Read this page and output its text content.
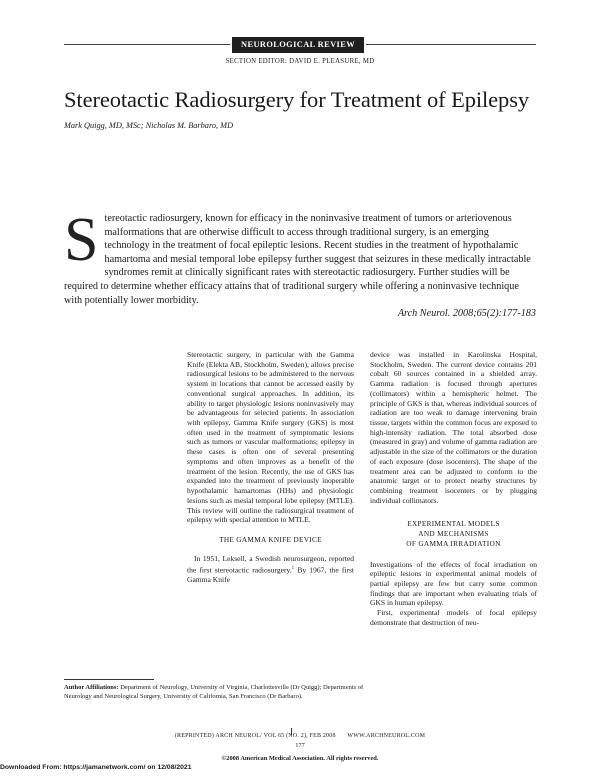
NEUROLOGICAL REVIEW
SECTION EDITOR: DAVID E. PLEASURE, MD
Stereotactic Radiosurgery for Treatment of Epilepsy
Mark Quigg, MD, MSc; Nicholas M. Barbaro, MD
S tereotactic radiosurgery, known for efficacy in the noninvasive treatment of tumors or arteriovenous malformations that are otherwise difficult to access through traditional surgery, is an emerging technology in the treatment of focal epileptic lesions. Recent studies in the treatment of hypothalamic hamartoma and mesial temporal lobe epilepsy further suggest that seizures in these medically intractable syndromes remit at clinically significant rates with stereotactic radiosurgery. Further studies will be required to determine whether efficacy attains that of traditional surgery while offering a noninvasive technique with potentially lower morbidity.
Arch Neurol. 2008;65(2):177-183

Stereotactic surgery, in particular with the Gamma Knife (Elekta AB, Stockholm, Sweden), allows precise radiosurgical lesions to be administered to the nervous system in locations that cannot be accessed easily by conventional surgical approaches. In addition, its ability to target physiologic lesions noninvasively may be advantageous for selected patients. In association with epilepsy, Gamma Knife surgery (GKS) is most often used in the treatment of symptomatic lesions such as tumors or vascular malformations; epilepsy in these cases is often one of several presenting symptoms and often improves as a benefit of the treatment of the lesion. Recently, the use of GKS has expanded into the treatment of previously inoperable hypothalamic hamartomas (HHs) and physiologic lesions such as mesial temporal lobe epilepsy (MTLE). This review will outline the radiosurgical treatment of epilepsy with special attention to MTLE.

THE GAMMA KNIFE DEVICE

In 1951, Leksell, a Swedish neurosurgeon, reported the first stereotactic radiosurgery.$^1$ By 1967, the first Gamma Knife

device was installed in Karolinska Hospital, Stockholm, Sweden. The current device contains 201 cobalt 60 sources contained in a shielded array. Gamma radiation is focused through apertures (collimators) within a hemispheric helmet. The principle of GKS is that, whereas individual sources of radiation are too weak to damage intervening brain tissue, targets within the common focus are exposed to high-intensity radiation. The total absorbed dose (measured in gray) and volume of gamma radiation are adjustable in the size of the collimators or the duration of each exposure (dose isocenters). The shape of the treatment area can be adjusted to conform to the anatomic target or to protect nearby structures by combining treatment isocenters or by plugging individual collimators.

EXPERIMENTAL MODELS
AND MECHANISMS
OF GAMMA IRRADIATION

Investigations of the effects of focal irradiation on epileptic lesions in experimental animal models of partial epilepsy are few but carry some common findings that are important when evaluating trials of GKS in human epilepsy.

First, experimental models of focal epilepsy demonstrate that destruction of neu-

Author Affiliations: Department of Neurology, University of Virginia, Charlottesville (Dr Quigg); Departments of Neurology and Neurological Surgery, University of California, San Francisco (Dr Barbaro).
(REPRINTED) ARCH NEUROL/ VOL 65 (NO. 2), FEB 2008       WWW.ARCHNEUROL.COM
177
©2008 American Medical Association. All rights reserved.
Downloaded From: https://jamanetwork.com/ on 12/08/2021
